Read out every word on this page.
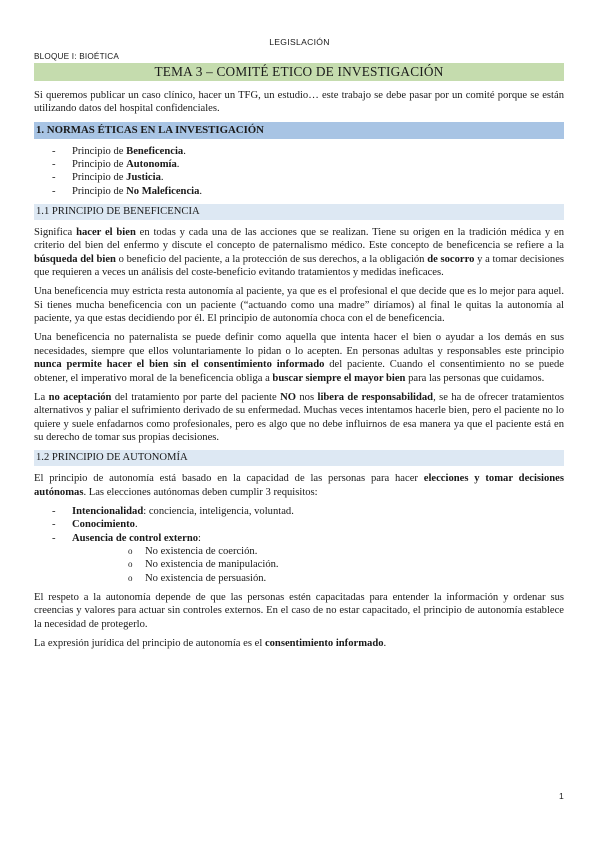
LEGISLACIÓN
BLOQUE I: BIOÉTICA
TEMA 3 – COMITÉ ETICO DE INVESTIGACIÓN

Si queremos publicar un caso clínico, hacer un TFG, un estudio… este trabajo se debe pasar por un comité porque se están utilizando datos del hospital confidenciales.

1. NORMAS ÉTICAS EN LA INVESTIGACIÓN
- Principio de Beneficencia.
- Principio de Autonomía.
- Principio de Justicia.
- Principio de No Maleficencia.
1.1 PRINCIPIO DE BENEFICENCIA

Significa hacer el bien en todas y cada una de las acciones que se realizan. Tiene su origen en la tradición médica y en criterio del bien del enfermo y discute el concepto de paternalismo médico. Este concepto de beneficencia se refiere a la búsqueda del bien o beneficio del paciente, a la protección de sus derechos, a la obligación de socorro y a tomar decisiones que requieren a veces un análisis del coste-beneficio evitando tratamientos y medidas ineficaces.

Una beneficencia muy estricta resta autonomía al paciente, ya que es el profesional el que decide que es lo mejor para aquel. Si tienes mucha beneficencia con un paciente (“actuando como una madre” diríamos) al final le quitas la autonomía al paciente, ya que estas decidiendo por él. El principio de autonomía choca con el de beneficencia.

Una beneficencia no paternalista se puede definir como aquella que intenta hacer el bien o ayudar a los demás en sus necesidades, siempre que ellos voluntariamente lo pidan o lo acepten. En personas adultas y responsables este principio nunca permite hacer el bien sin el consentimiento informado del paciente. Cuando el consentimiento no se puede obtener, el imperativo moral de la beneficencia obliga a buscar siempre el mayor bien para las personas que cuidamos.

La no aceptación del tratamiento por parte del paciente NO nos libera de responsabilidad, se ha de ofrecer tratamientos alternativos y paliar el sufrimiento derivado de su enfermedad. Muchas veces intentamos hacerle bien, pero el paciente no lo quiere y suele enfadarnos como profesionales, pero es algo que no debe influirnos de esa manera ya que el paciente está en su derecho de tomar sus propias decisiones.

1.2 PRINCIPIO DE AUTONOMÍA

El principio de autonomía está basado en la capacidad de las personas para hacer elecciones y tomar decisiones autónomas. Las elecciones autónomas deben cumplir 3 requisitos:

- Intencionalidad: conciencia, inteligencia, voluntad.
- Conocimiento.
- Ausencia de control externo:
o No existencia de coerción.
o No existencia de manipulación.
o No existencia de persuasión.

El respeto a la autonomía depende de que las personas estén capacitadas para entender la información y ordenar sus creencias y valores para actuar sin controles externos. En el caso de no estar capacitado, el principio de autonomía establece la necesidad de protegerlo.

La expresión jurídica del principio de autonomía es el consentimiento informado.

1
